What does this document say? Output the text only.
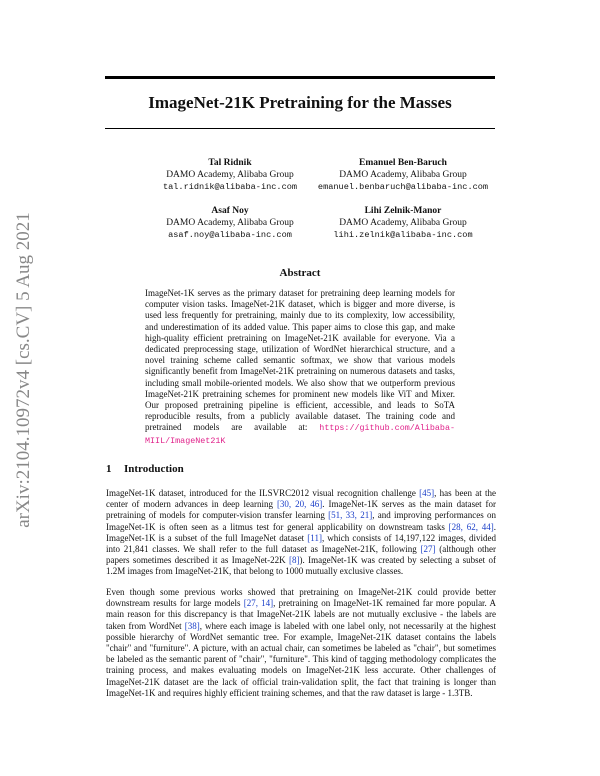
arXiv:2104.10972v4 [cs.CV] 5 Aug 2021
ImageNet-21K Pretraining for the Masses
Tal Ridnik
DAMO Academy, Alibaba Group
tal.ridnik@alibaba-inc.com
Emanuel Ben-Baruch
DAMO Academy, Alibaba Group
emanuel.benbaruch@alibaba-inc.com
Asaf Noy
DAMO Academy, Alibaba Group
asaf.noy@alibaba-inc.com
Lihi Zelnik-Manor
DAMO Academy, Alibaba Group
lihi.zelnik@alibaba-inc.com
Abstract
ImageNet-1K serves as the primary dataset for pretraining deep learning models for computer vision tasks. ImageNet-21K dataset, which is bigger and more diverse, is used less frequently for pretraining, mainly due to its complexity, low accessibility, and underestimation of its added value. This paper aims to close this gap, and make high-quality efficient pretraining on ImageNet-21K available for everyone. Via a dedicated preprocessing stage, utilization of WordNet hierarchical structure, and a novel training scheme called semantic softmax, we show that various models significantly benefit from ImageNet-21K pretraining on numerous datasets and tasks, including small mobile-oriented models. We also show that we outperform previous ImageNet-21K pretraining schemes for prominent new models like ViT and Mixer. Our proposed pretraining pipeline is efficient, accessible, and leads to SoTA reproducible results, from a publicly available dataset. The training code and pretrained models are available at: https://github.com/Alibaba-MIIL/ImageNet21K
1 Introduction
ImageNet-1K dataset, introduced for the ILSVRC2012 visual recognition challenge [45], has been at the center of modern advances in deep learning [30, 20, 46]. ImageNet-1K serves as the main dataset for pretraining of models for computer-vision transfer learning [51, 33, 21], and improving performances on ImageNet-1K is often seen as a litmus test for general applicability on downstream tasks [28, 62, 44]. ImageNet-1K is a subset of the full ImageNet dataset [11], which consists of 14,197,122 images, divided into 21,841 classes. We shall refer to the full dataset as ImageNet-21K, following [27] (although other papers sometimes described it as ImageNet-22K [8]). ImageNet-1K was created by selecting a subset of 1.2M images from ImageNet-21K, that belong to 1000 mutually exclusive classes.
Even though some previous works showed that pretraining on ImageNet-21K could provide better downstream results for large models [27, 14], pretraining on ImageNet-1K remained far more popular. A main reason for this discrepancy is that ImageNet-21K labels are not mutually exclusive - the labels are taken from WordNet [38], where each image is labeled with one label only, not necessarily at the highest possible hierarchy of WordNet semantic tree. For example, ImageNet-21K dataset contains the labels "chair" and "furniture". A picture, with an actual chair, can sometimes be labeled as "chair", but sometimes be labeled as the semantic parent of "chair", "furniture". This kind of tagging methodology complicates the training process, and makes evaluating models on ImageNet-21K less accurate. Other challenges of ImageNet-21K dataset are the lack of official train-validation split, the fact that training is longer than ImageNet-1K and requires highly efficient training schemes, and that the raw dataset is large - 1.3TB.
